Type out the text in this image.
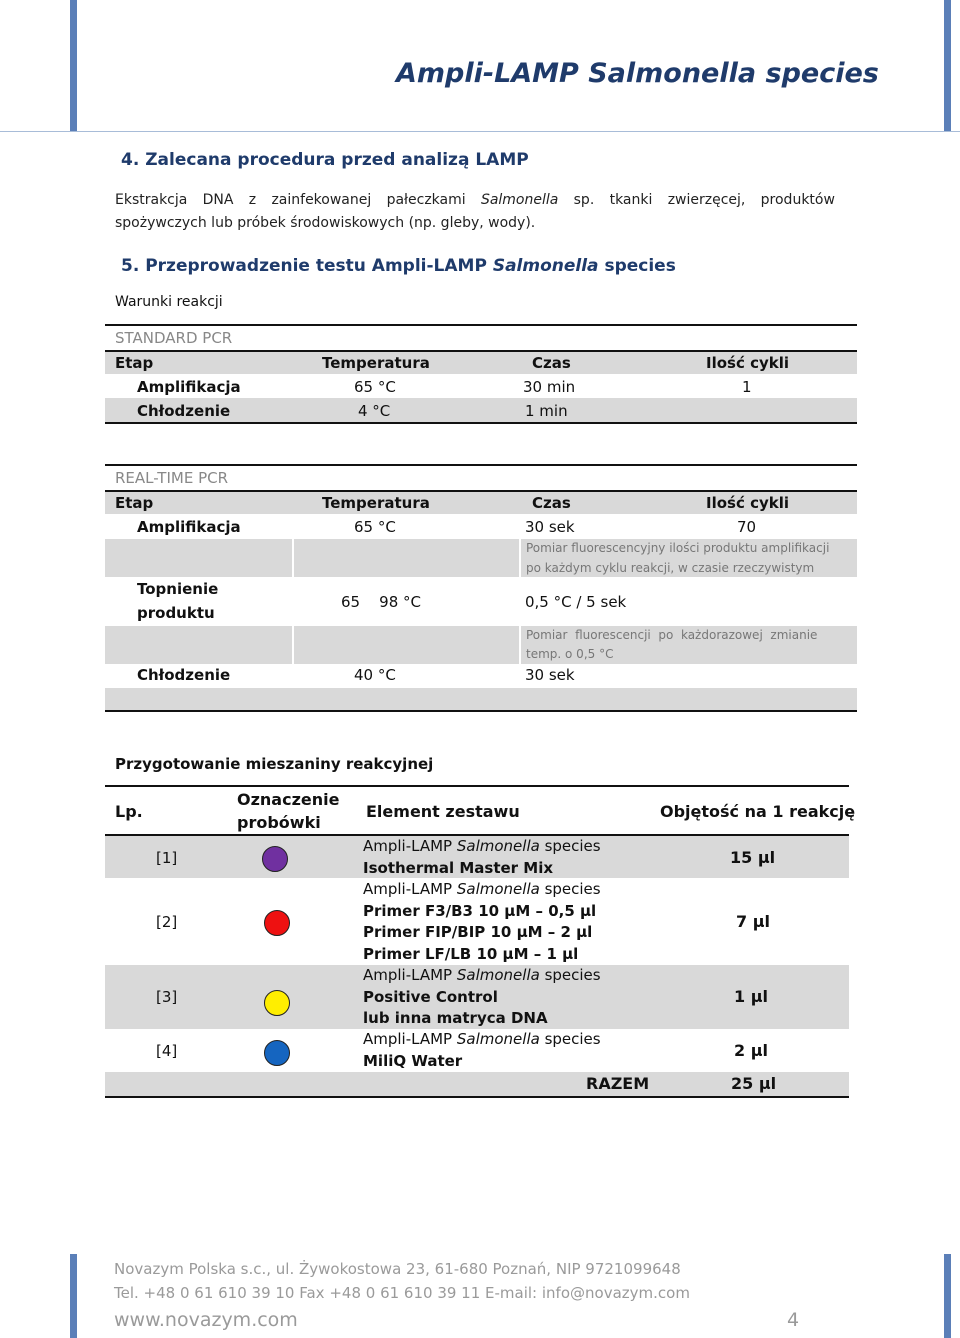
Ampli-LAMP Salmonella species
4. Zalecana procedura przed analizą LAMP
Ekstrakcja DNA z zainfekowanej pałeczkami Salmonella sp. tkanki zwierzęcej, produktów
spożywczych lub próbek środowiskowych (np. gleby, wody).
5. Przeprowadzenie testu Ampli-LAMP Salmonella species
Warunki reakcji
STANDARD PCR
Etap	Temperatura	Czas	Ilość cykli
Amplifikacja	65 °C	30 min	1
Chłodzenie	4 °C	1 min
REAL-TIME PCR
Etap	Temperatura	Czas	Ilość cykli
Amplifikacja	65 °C	30 sek	70
Pomiar fluorescencyjny ilości produktu amplifikacji
po każdym cyklu reakcji, w czasie rzeczywistym
Topnienie
produktu
65    98 °C	0,5 °C / 5 sek
Pomiar  fluorescencji  po  każdorazowej  zmianie
temp. o 0,5 °C
Chłodzenie	40 °C	30 sek
Przygotowanie mieszaniny reakcyjnej
Lp.
Oznaczenie
probówki
Element zestawu	Objętość na 1 reakcję
[1]
Ampli-LAMP Salmonella species
Isothermal Master Mix
15 µl
[2]
Ampli-LAMP Salmonella species
Primer F3/B3 10 µM – 0,5 µl
Primer FIP/BIP 10 µM – 2 µl
Primer LF/LB 10 µM – 1 µl
7 µl
[3]
Ampli-LAMP Salmonella species
Positive Control
lub inna matryca DNA
1 µl
[4]
Ampli-LAMP Salmonella species
MiliQ Water
2 µl
RAZEM	25 µl
Novazym Polska s.c., ul. Żywokostowa 23, 61-680 Poznań, NIP 9721099648
Tel. +48 0 61 610 39 10 Fax +48 0 61 610 39 11 E-mail: info@novazym.com
www.novazym.com	4
